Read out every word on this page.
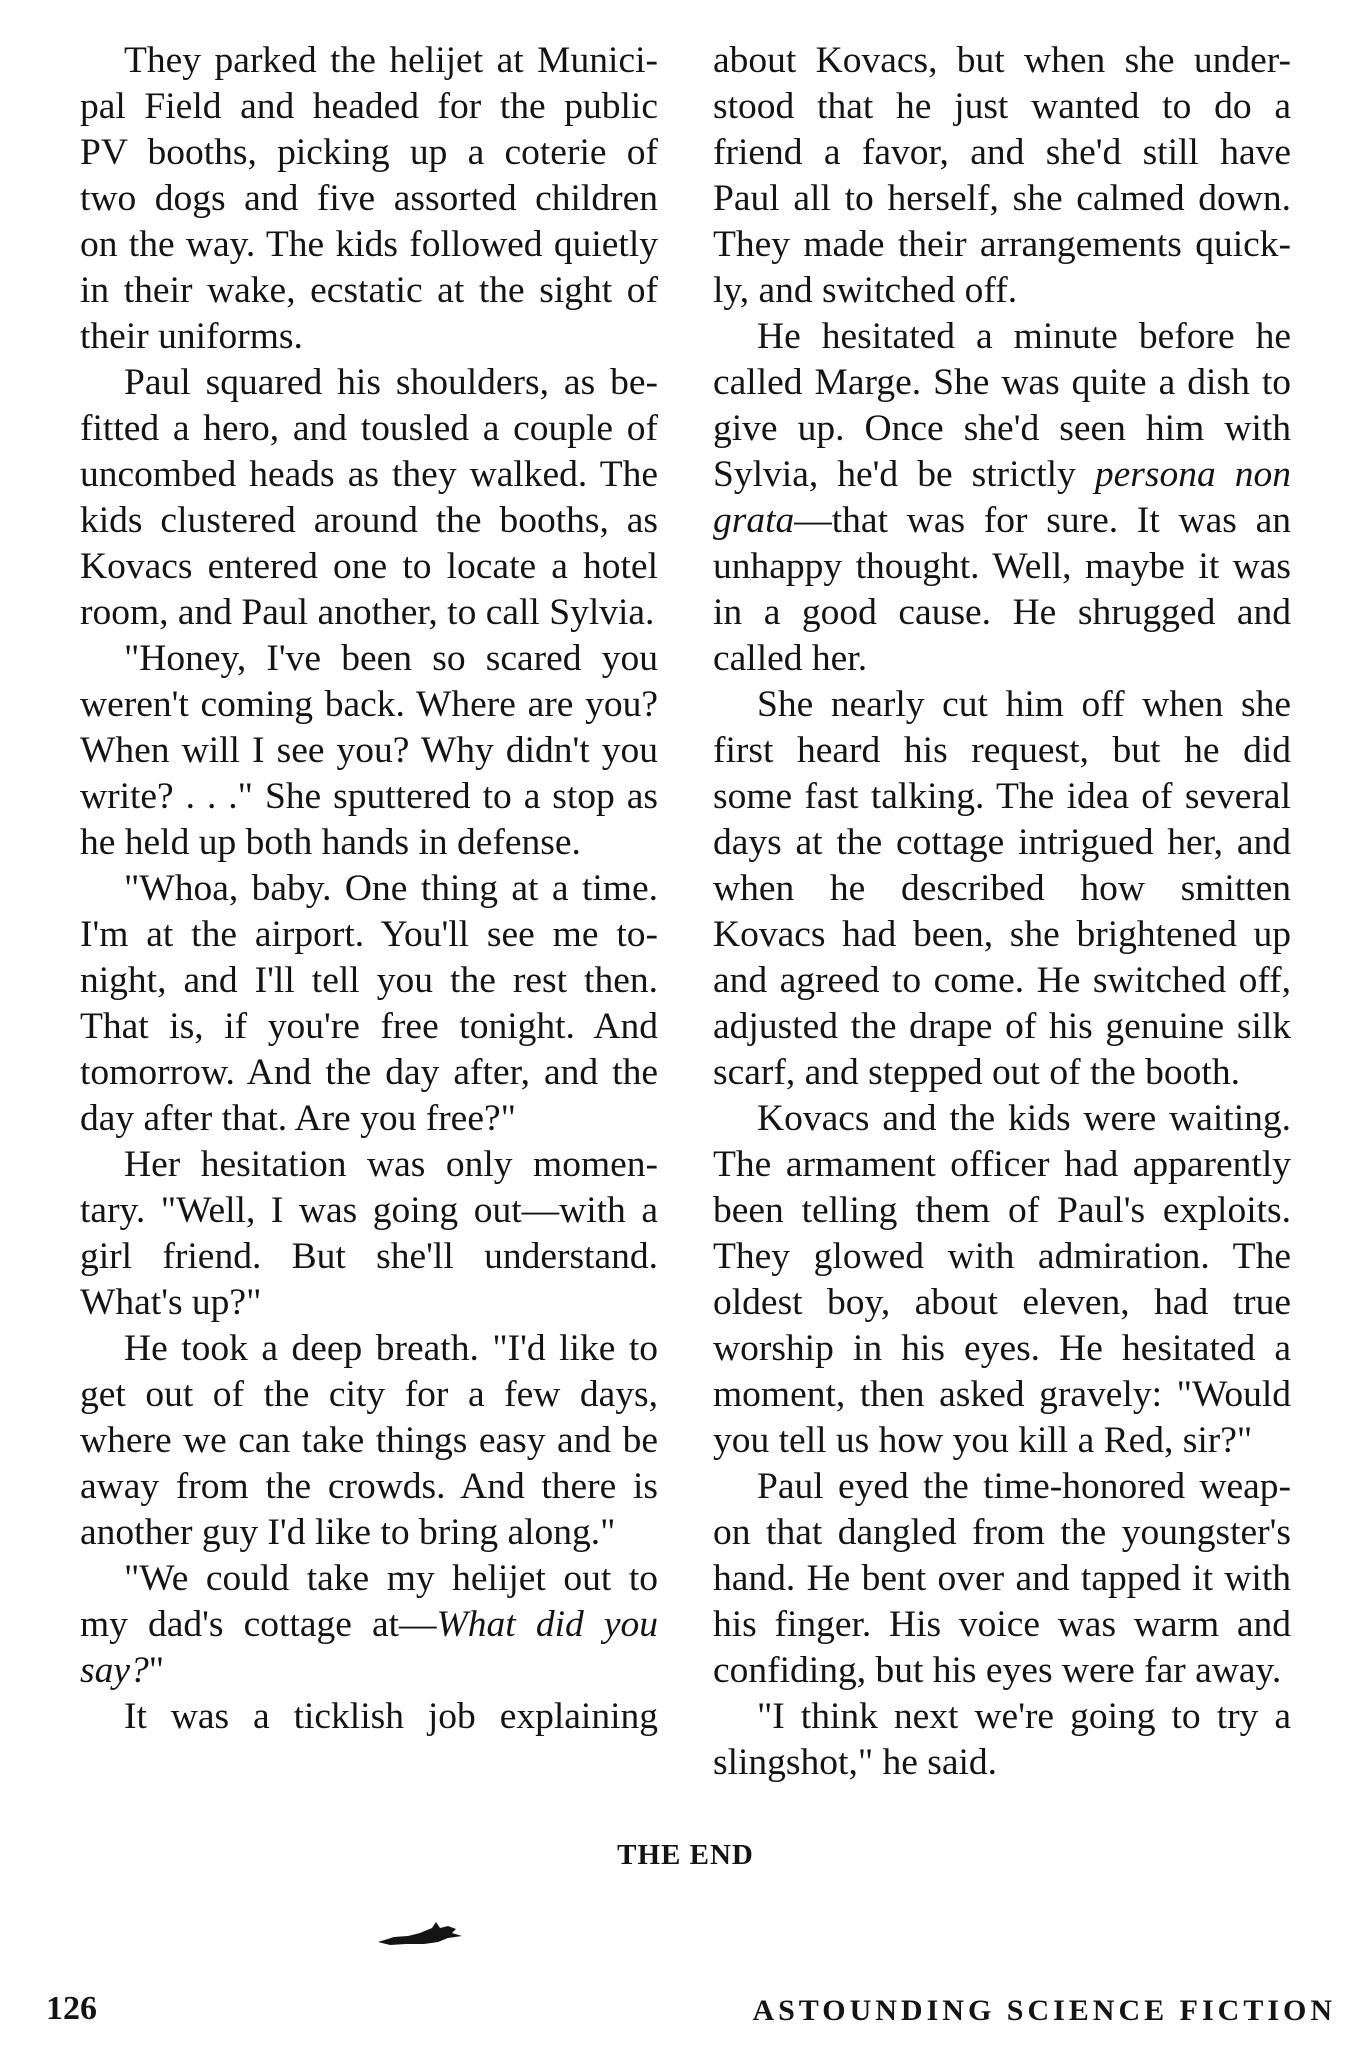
They parked the helijet at Munici-pal Field and headed for the public PV booths, picking up a coterie of two dogs and five assorted children on the way. The kids followed quietly in their wake, ecstatic at the sight of their uniforms.

Paul squared his shoulders, as be-fitted a hero, and tousled a couple of uncombed heads as they walked. The kids clustered around the booths, as Kovacs entered one to locate a hotel room, and Paul another, to call Sylvia.

"Honey, I've been so scared you weren't coming back. Where are you? When will I see you? Why didn't you write? . . ." She sputtered to a stop as he held up both hands in defense.

"Whoa, baby. One thing at a time. I'm at the airport. You'll see me to-night, and I'll tell you the rest then. That is, if you're free tonight. And tomorrow. And the day after, and the day after that. Are you free?"

Her hesitation was only momen-tary. "Well, I was going out—with a girl friend. But she'll understand. What's up?"

He took a deep breath. "I'd like to get out of the city for a few days, where we can take things easy and be away from the crowds. And there is another guy I'd like to bring along."

"We could take my helijet out to my dad's cottage at—What did you say?"

It was a ticklish job explaining

about Kovacs, but when she under-stood that he just wanted to do a friend a favor, and she'd still have Paul all to herself, she calmed down. They made their arrangements quick-ly, and switched off.

He hesitated a minute before he called Marge. She was quite a dish to give up. Once she'd seen him with Sylvia, he'd be strictly persona non grata—that was for sure. It was an unhappy thought. Well, maybe it was in a good cause. He shrugged and called her.

She nearly cut him off when she first heard his request, but he did some fast talking. The idea of several days at the cottage intrigued her, and when he described how smitten Kovacs had been, she brightened up and agreed to come. He switched off, adjusted the drape of his genuine silk scarf, and stepped out of the booth.

Kovacs and the kids were waiting. The armament officer had apparently been telling them of Paul's exploits. They glowed with admiration. The oldest boy, about eleven, had true worship in his eyes. He hesitated a moment, then asked gravely: "Would you tell us how you kill a Red, sir?"

Paul eyed the time-honored weap-on that dangled from the youngster's hand. He bent over and tapped it with his finger. His voice was warm and confiding, but his eyes were far away.

"I think next we're going to try a slingshot," he said.

THE END
126	ASTOUNDING SCIENCE FICTION
